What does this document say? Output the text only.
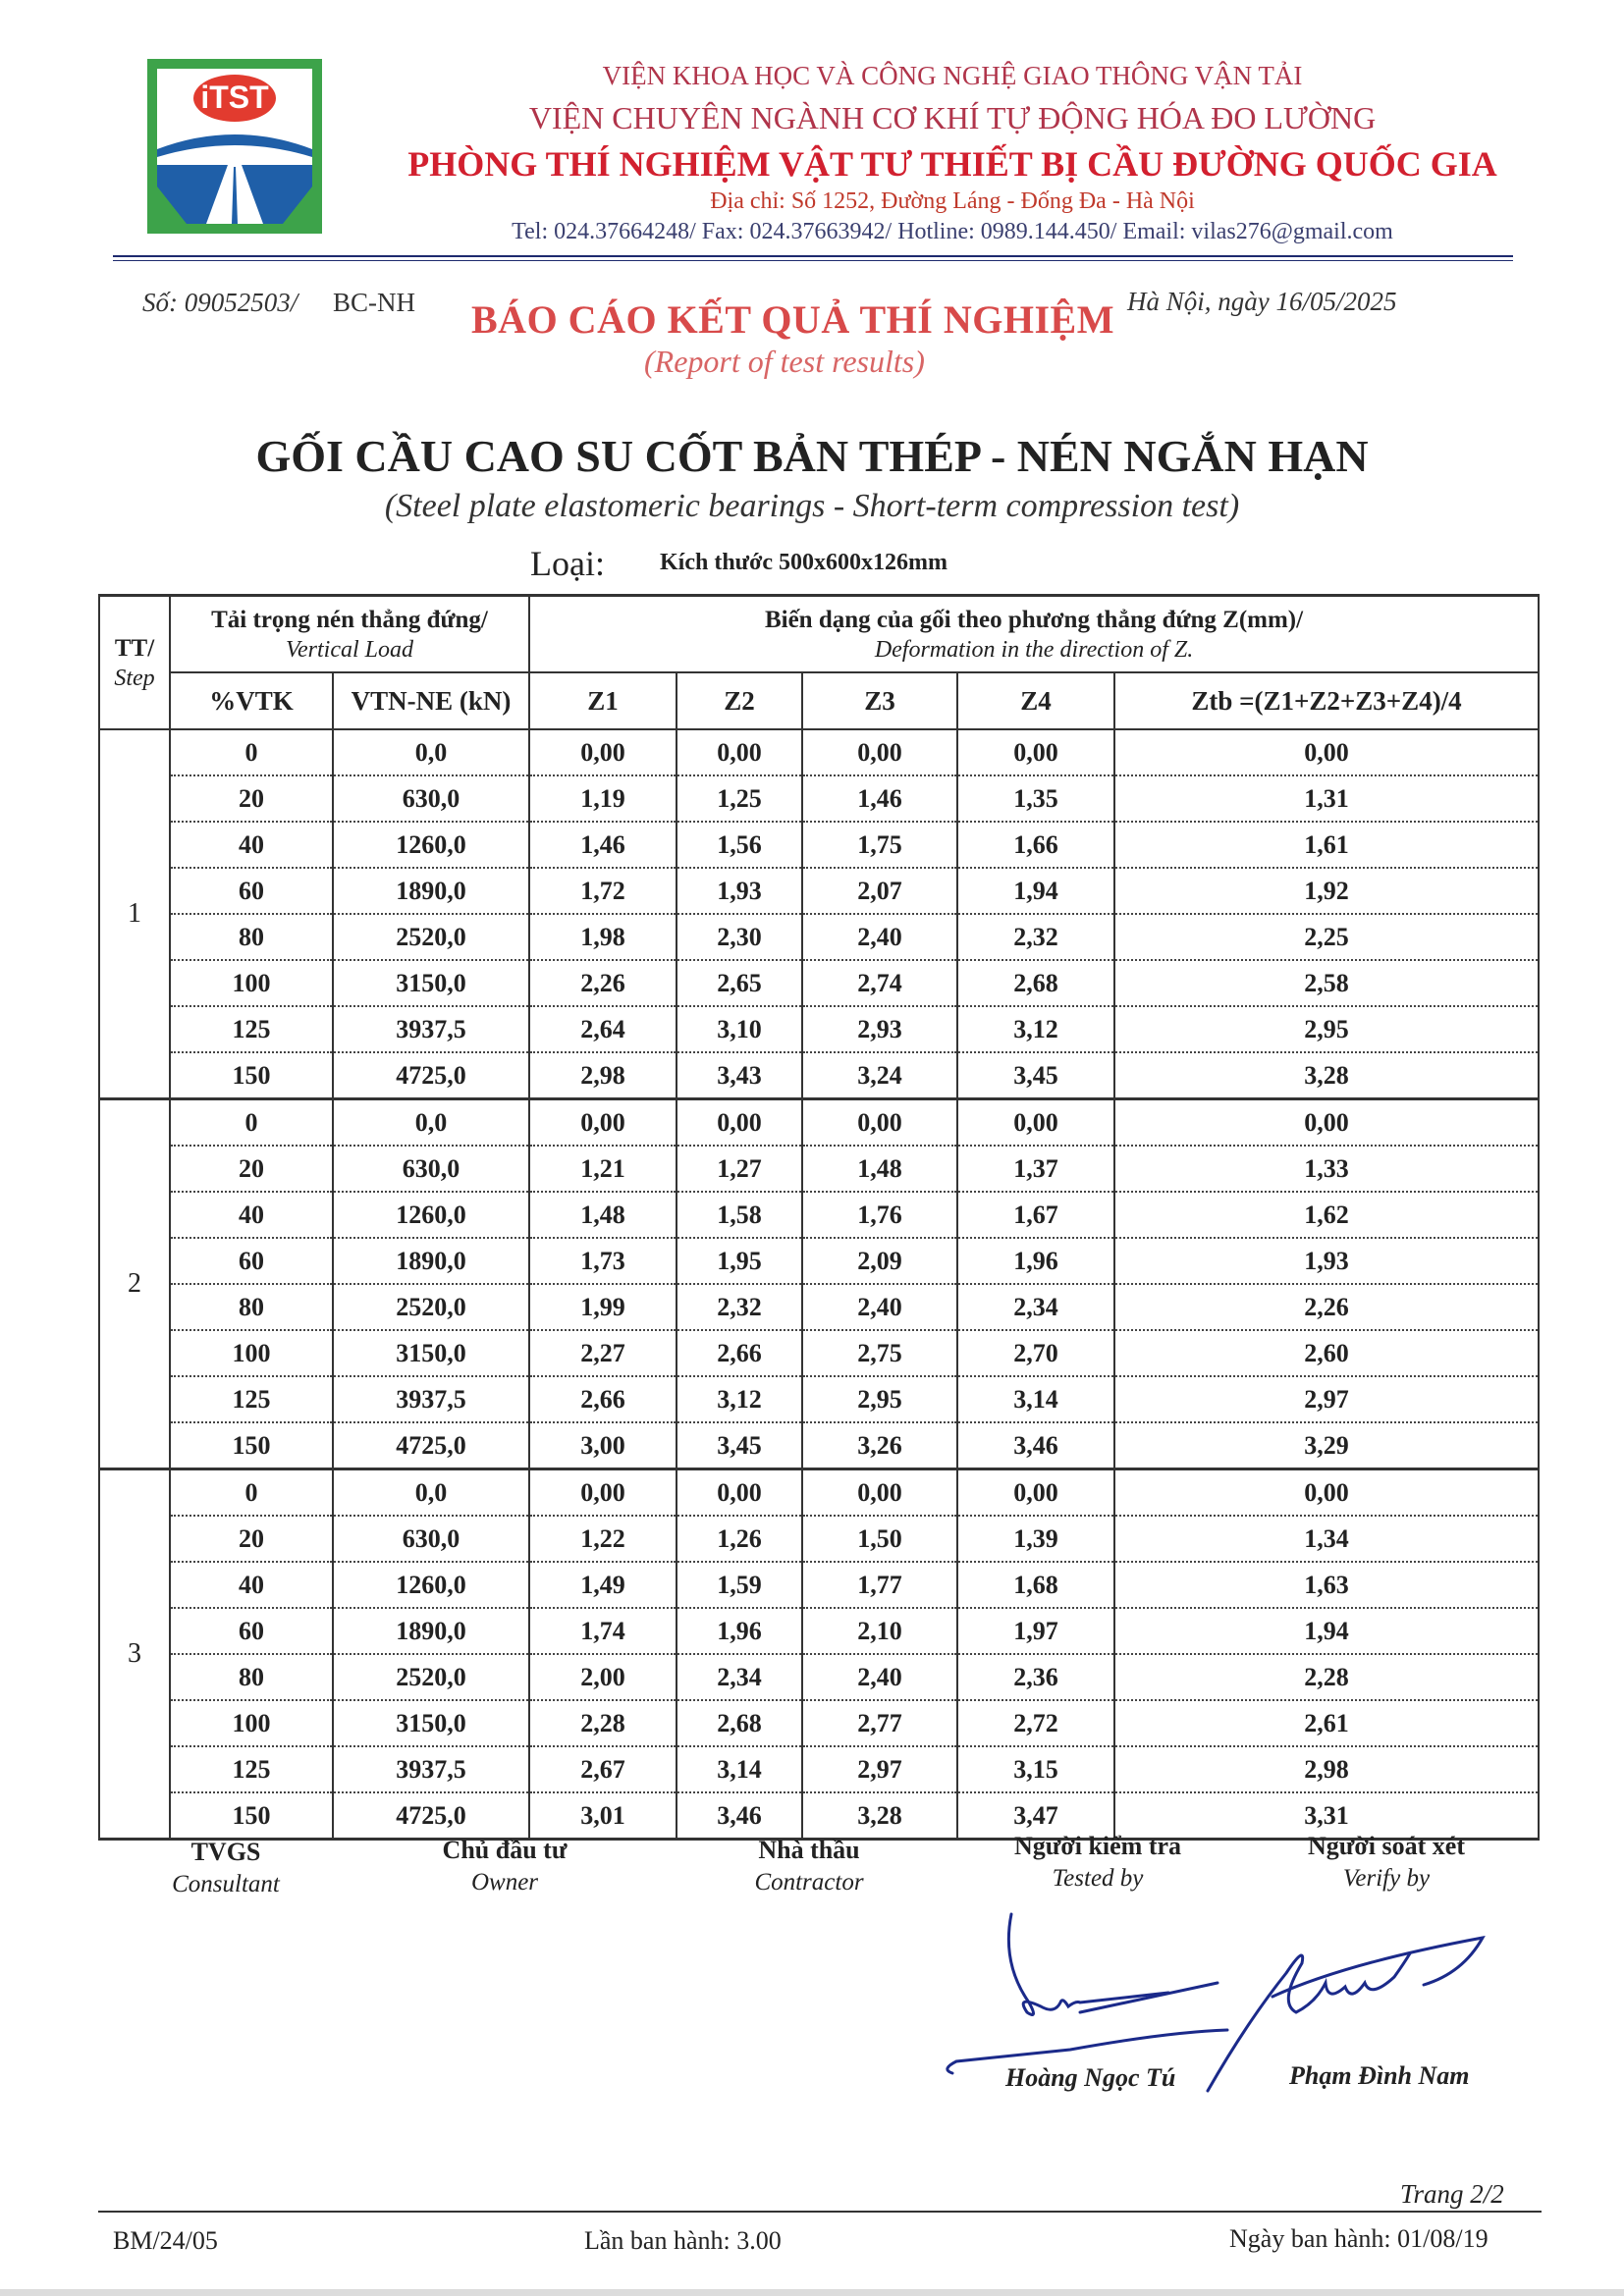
iTST
VIỆN KHOA HỌC VÀ CÔNG NGHỆ GIAO THÔNG VẬN TẢI
VIỆN CHUYÊN NGÀNH CƠ KHÍ TỰ ĐỘNG HÓA ĐO LƯỜNG
PHÒNG THÍ NGHIỆM VẬT TƯ THIẾT BỊ CẦU ĐƯỜNG QUỐC GIA
Địa chỉ: Số 1252, Đường Láng - Đống Đa - Hà Nội
Tel: 024.37664248/ Fax: 024.37663942/ Hotline: 0989.144.450/ Email: vilas276@gmail.com
Số: 09052503/ BC-NH BÁO CÁO KẾT QUẢ THÍ NGHIỆM
(Report of test results)
Hà Nội, ngày 16/05/2025
GỐI CẦU CAO SU CỐT BẢN THÉP - NÉN NGẮN HẠN
(Steel plate elastomeric bearings - Short-term compression test)
Loại: Kích thước 500x600x126mm
TT/
Step	Tải trọng nén thẳng đứng/
Vertical Load		Biến dạng của gối theo phương thẳng đứng Z(mm)/
Deformation in the direction of Z.				
	%VTK	VTN-NE (kN)	Z1	Z2	Z3	Z4	Ztb =(Z1+Z2+Z3+Z4)/4
1	0	0,0	0,00	0,00	0,00	0,00	0,00
	20	630,0	1,19	1,25	1,46	1,35	1,31
	40	1260,0	1,46	1,56	1,75	1,66	1,61
	60	1890,0	1,72	1,93	2,07	1,94	1,92
	80	2520,0	1,98	2,30	2,40	2,32	2,25
	100	3150,0	2,26	2,65	2,74	2,68	2,58
	125	3937,5	2,64	3,10	2,93	3,12	2,95
	150	4725,0	2,98	3,43	3,24	3,45	3,28
2	0	0,0	0,00	0,00	0,00	0,00	0,00
	20	630,0	1,21	1,27	1,48	1,37	1,33
	40	1260,0	1,48	1,58	1,76	1,67	1,62
	60	1890,0	1,73	1,95	2,09	1,96	1,93
	80	2520,0	1,99	2,32	2,40	2,34	2,26
	100	3150,0	2,27	2,66	2,75	2,70	2,60
	125	3937,5	2,66	3,12	2,95	3,14	2,97
	150	4725,0	3,00	3,45	3,26	3,46	3,29
3	0	0,0	0,00	0,00	0,00	0,00	0,00
	20	630,0	1,22	1,26	1,50	1,39	1,34
	40	1260,0	1,49	1,59	1,77	1,68	1,63
	60	1890,0	1,74	1,96	2,10	1,97	1,94
	80	2520,0	2,00	2,34	2,40	2,36	2,28
	100	3150,0	2,28	2,68	2,77	2,72	2,61
	125	3937,5	2,67	3,14	2,97	3,15	2,98
	150	4725,0	3,01	3,46	3,28	3,47	3,31
TVGS
Consultant
Chủ đầu tư
Owner
Nhà thầu
Contractor
Người kiểm tra
Tested by
Người soát xét
Verify by
Hoàng Ngọc Tú	Phạm Đình Nam
Trang 2/2
BM/24/05	Lần ban hành: 3.00	Ngày ban hành: 01/08/19
